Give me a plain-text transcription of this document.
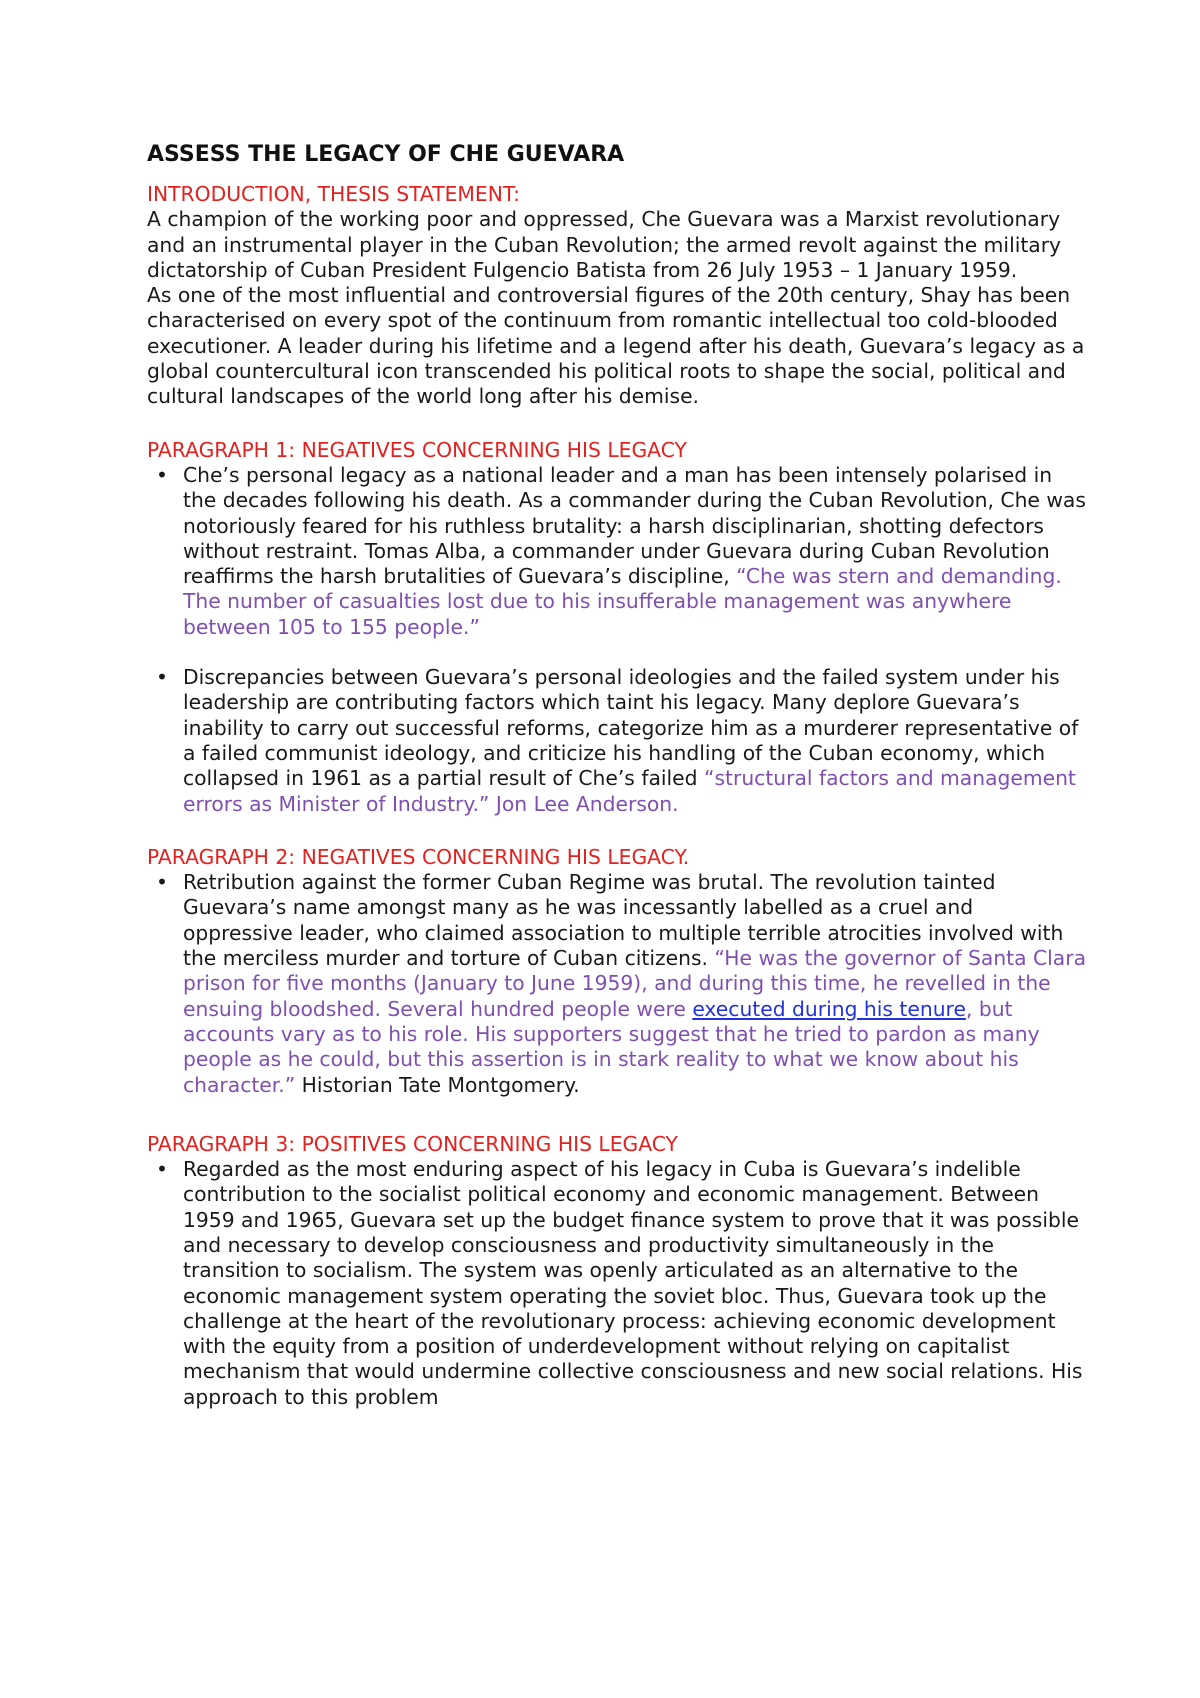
ASSESS THE LEGACY OF CHE GUEVARA

INTRODUCTION, THESIS STATEMENT:

A champion of the working poor and oppressed, Che Guevara was a Marxist revolutionary and an instrumental player in the Cuban Revolution; the armed revolt against the military dictatorship of Cuban President Fulgencio Batista from 26 July 1953 – 1 January 1959.

As one of the most influential and controversial figures of the 20th century, Shay has been characterised on every spot of the continuum from romantic intellectual too cold-blooded executioner. A leader during his lifetime and a legend after his death, Guevara’s legacy as a global countercultural icon transcended his political roots to shape the social, political and cultural landscapes of the world long after his demise.

PARAGRAPH 1: NEGATIVES CONCERNING HIS LEGACY

• Che’s personal legacy as a national leader and a man has been intensely polarised in the decades following his death. As a commander during the Cuban Revolution, Che was notoriously feared for his ruthless brutality: a harsh disciplinarian, shotting defectors without restraint. Tomas Alba, a commander under Guevara during Cuban Revolution reaffirms the harsh brutalities of Guevara’s discipline, “Che was stern and demanding. The number of casualties lost due to his insufferable management was anywhere between 105 to 155 people.”
• Discrepancies between Guevara’s personal ideologies and the failed system under his leadership are contributing factors which taint his legacy. Many deplore Guevara’s inability to carry out successful reforms, categorize him as a murderer representative of a failed communist ideology, and criticize his handling of the Cuban economy, which collapsed in 1961 as a partial result of Che’s failed “structural factors and management errors as Minister of Industry.” Jon Lee Anderson.

PARAGRAPH 2: NEGATIVES CONCERNING HIS LEGACY.

• Retribution against the former Cuban Regime was brutal. The revolution tainted Guevara’s name amongst many as he was incessantly labelled as a cruel and oppressive leader, who claimed association to multiple terrible atrocities involved with the merciless murder and torture of Cuban citizens. “He was the governor of Santa Clara prison for five months (January to June 1959), and during this time, he revelled in the ensuing bloodshed. Several hundred people were executed during his tenure, but accounts vary as to his role. His supporters suggest that he tried to pardon as many people as he could, but this assertion is in stark reality to what we know about his character.” Historian Tate Montgomery.

PARAGRAPH 3: POSITIVES CONCERNING HIS LEGACY

• Regarded as the most enduring aspect of his legacy in Cuba is Guevara’s indelible contribution to the socialist political economy and economic management. Between 1959 and 1965, Guevara set up the budget finance system to prove that it was possible and necessary to develop consciousness and productivity simultaneously in the transition to socialism. The system was openly articulated as an alternative to the economic management system operating the soviet bloc. Thus, Guevara took up the challenge at the heart of the revolutionary process: achieving economic development with the equity from a position of underdevelopment without relying on capitalist mechanism that would undermine collective consciousness and new social relations. His approach to this problem
